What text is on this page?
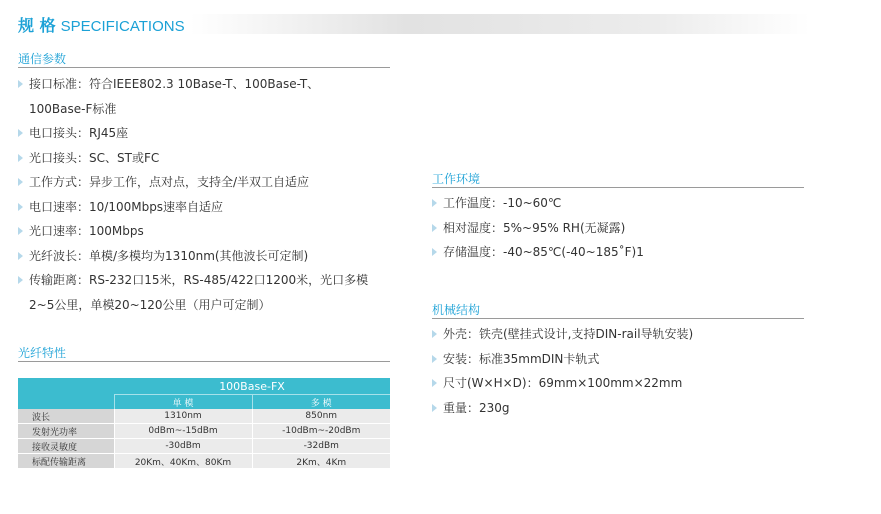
规 格 SPECIFICATIONS
通信参数
接口标准：符合IEEE802.3 10Base-T、100Base-T、
100Base-F标准
电口接头：RJ45座
光口接头：SC、ST或FC
工作方式：异步工作，点对点，支持全/半双工自适应
电口速率：10/100Mbps速率自适应
光口速率：100Mbps
光纤波长：单模/多模均为1310nm(其他波长可定制)
传输距离：RS-232口15米，RS-485/422口1200米，光口多模
2~5公里，单模20~120公里（用户可定制）
光纤特性
	100Base-FX	
	单 模	多 模
波长	1310nm	850nm
发射光功率	0dBm~-15dBm	-10dBm~-20dBm
接收灵敏度	-30dBm	-32dBm
标配传输距离	20Km、40Km、80Km	2Km、4Km
工作环境
工作温度：-10~60℃
相对湿度：5%~95% RH(无凝露)
存储温度：-40~85℃(-40~185˚F)1
机械结构
外壳：铁壳(壁挂式设计,支持DIN-rail导轨安装)
安装：标准35mmDIN卡轨式
尺寸(W×H×D)：69mm×100mm×22mm
重量：230g
